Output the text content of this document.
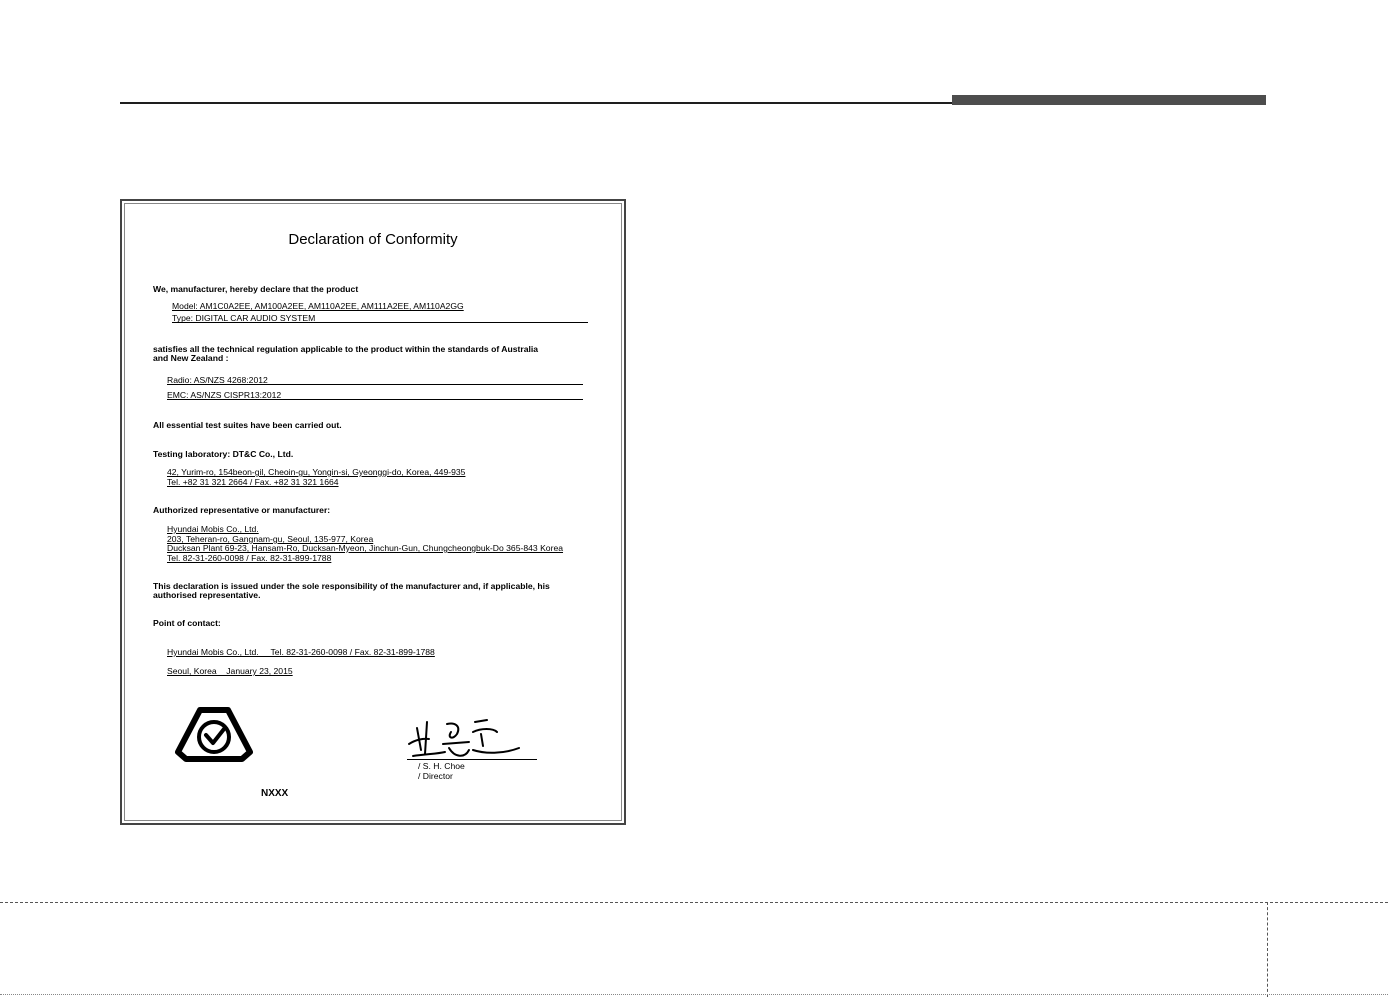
Declaration of Conformity
We, manufacturer, hereby declare that the product
Model: AM1C0A2EE, AM100A2EE, AM110A2EE, AM111A2EE, AM110A2GG
Type: DIGITAL CAR AUDIO SYSTEM
satisfies all the technical regulation applicable to the product within the standards of Australia
and New Zealand :
Radio: AS/NZS 4268:2012
EMC: AS/NZS CISPR13:2012
All essential test suites have been carried out.
Testing laboratory: DT&C Co., Ltd.
42, Yurim-ro, 154beon-gil, Cheoin-gu, Yongin-si, Gyeonggi-do, Korea, 449-935
Tel. +82 31 321 2664 / Fax. +82 31 321 1664
Authorized representative or manufacturer:
Hyundai Mobis Co., Ltd.
203, Teheran-ro, Gangnam-gu, Seoul, 135-977, Korea
Ducksan Plant 69-23, Hansam-Ro, Ducksan-Myeon, Jinchun-Gun, Chungcheongbuk-Do 365-843 Korea
Tel. 82-31-260-0098 / Fax. 82-31-899-1788
This declaration is issued under the sole responsibility of the manufacturer and, if applicable, his
authorised representative.
Point of contact:
Hyundai Mobis Co., Ltd.     Tel. 82-31-260-0098 / Fax. 82-31-899-1788
Seoul, Korea    January 23, 2015
/ S. H. Choe
/ Director
NXXX
